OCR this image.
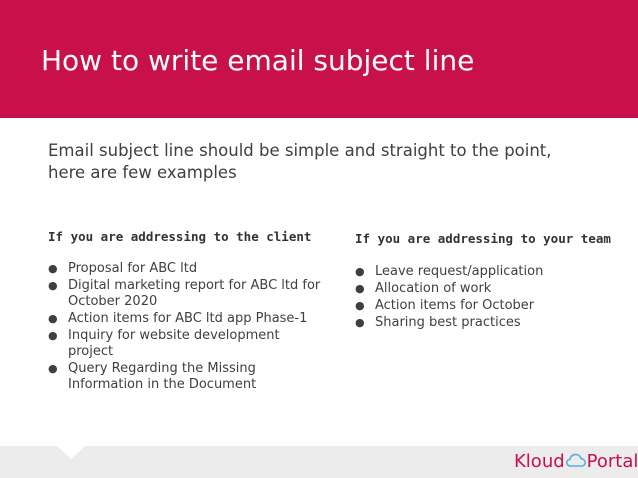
How to write email subject line

Email subject line should be simple and straight to the point, here are few examples

If you are addressing to the client
● Proposal for ABC ltd
● Digital marketing report for ABC ltd for October 2020
● Action items for ABC ltd app Phase-1
● Inquiry for website development project
● Query Regarding the Missing Information in the Document
If you are addressing to your team
● Leave request/application
● Allocation of work
● Action items for October
● Sharing best practices
Kloud Portal
